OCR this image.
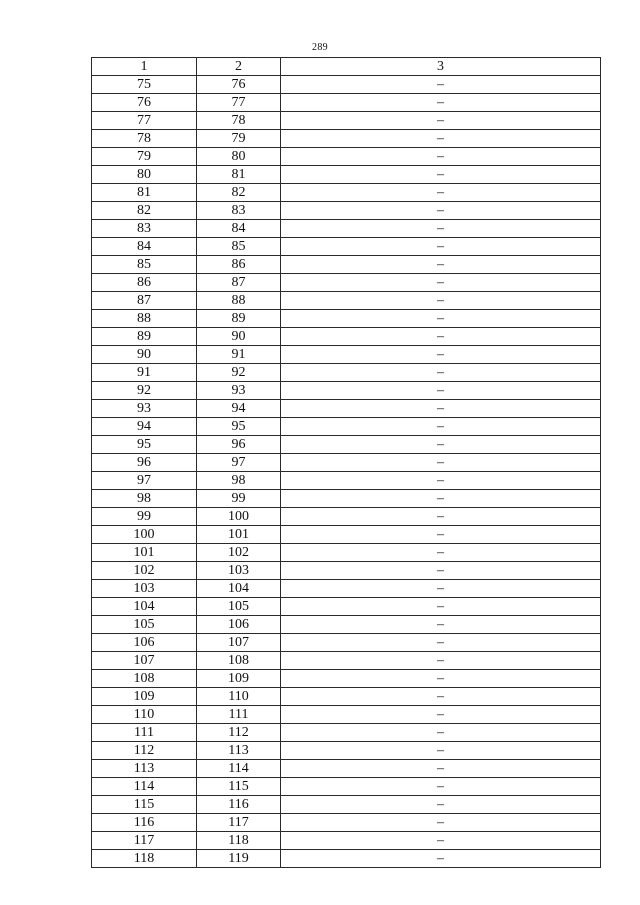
289
1	2	3
75	76	–
76	77	–
77	78	–
78	79	–
79	80	–
80	81	–
81	82	–
82	83	–
83	84	–
84	85	–
85	86	–
86	87	–
87	88	–
88	89	–
89	90	–
90	91	–
91	92	–
92	93	–
93	94	–
94	95	–
95	96	–
96	97	–
97	98	–
98	99	–
99	100	–
100	101	–
101	102	–
102	103	–
103	104	–
104	105	–
105	106	–
106	107	–
107	108	–
108	109	–
109	110	–
110	111	–
111	112	–
112	113	–
113	114	–
114	115	–
115	116	–
116	117	–
117	118	–
118	119	–
